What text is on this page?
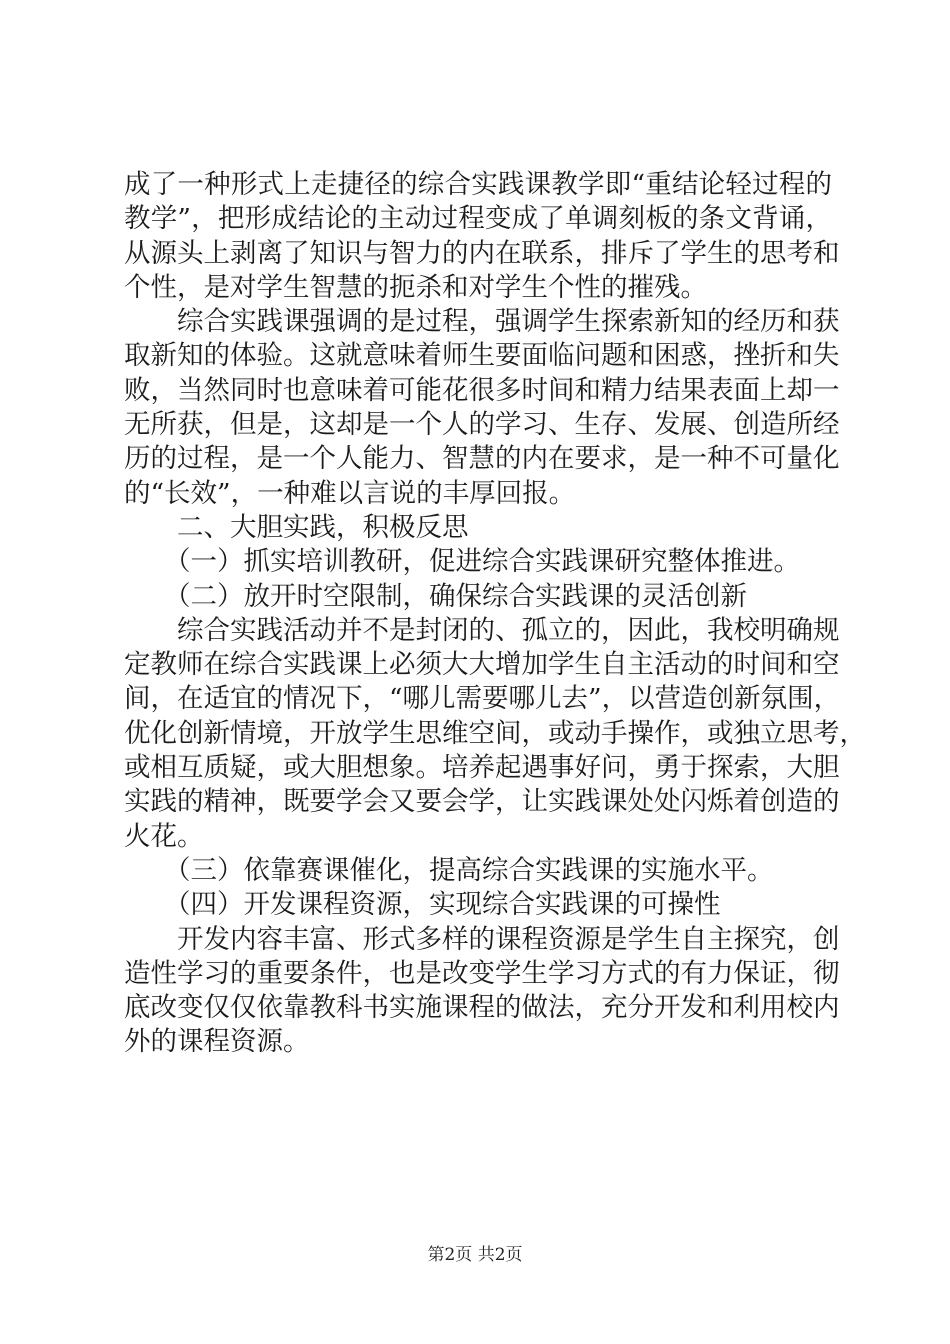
成了一种形式上走捷径的综合实践课教学即“重结论轻过程的
教学”，把形成结论的主动过程变成了单调刻板的条文背诵，
从源头上剥离了知识与智力的内在联系，排斥了学生的思考和
个性，是对学生智慧的扼杀和对学生个性的摧残。
综合实践课强调的是过程，强调学生探索新知的经历和获
取新知的体验。这就意味着师生要面临问题和困惑，挫折和失
败，当然同时也意味着可能花很多时间和精力结果表面上却一
无所获，但是，这却是一个人的学习、生存、发展、创造所经
历的过程，是一个人能力、智慧的内在要求，是一种不可量化
的“长效”，一种难以言说的丰厚回报。
二、大胆实践，积极反思
（一）抓实培训教研，促进综合实践课研究整体推进。
（二）放开时空限制，确保综合实践课的灵活创新
综合实践活动并不是封闭的、孤立的，因此，我校明确规
定教师在综合实践课上必须大大增加学生自主活动的时间和空
间，在适宜的情况下，“哪儿需要哪儿去”，以营造创新氛围，
优化创新情境，开放学生思维空间，或动手操作，或独立思考，
或相互质疑，或大胆想象。培养起遇事好问，勇于探索，大胆
实践的精神，既要学会又要会学，让实践课处处闪烁着创造的
火花。
（三）依靠赛课催化，提高综合实践课的实施水平。
（四）开发课程资源，实现综合实践课的可操性
开发内容丰富、形式多样的课程资源是学生自主探究，创
造性学习的重要条件，也是改变学生学习方式的有力保证，彻
底改变仅仅依靠教科书实施课程的做法，充分开发和利用校内
外的课程资源。
第2页 共2页
